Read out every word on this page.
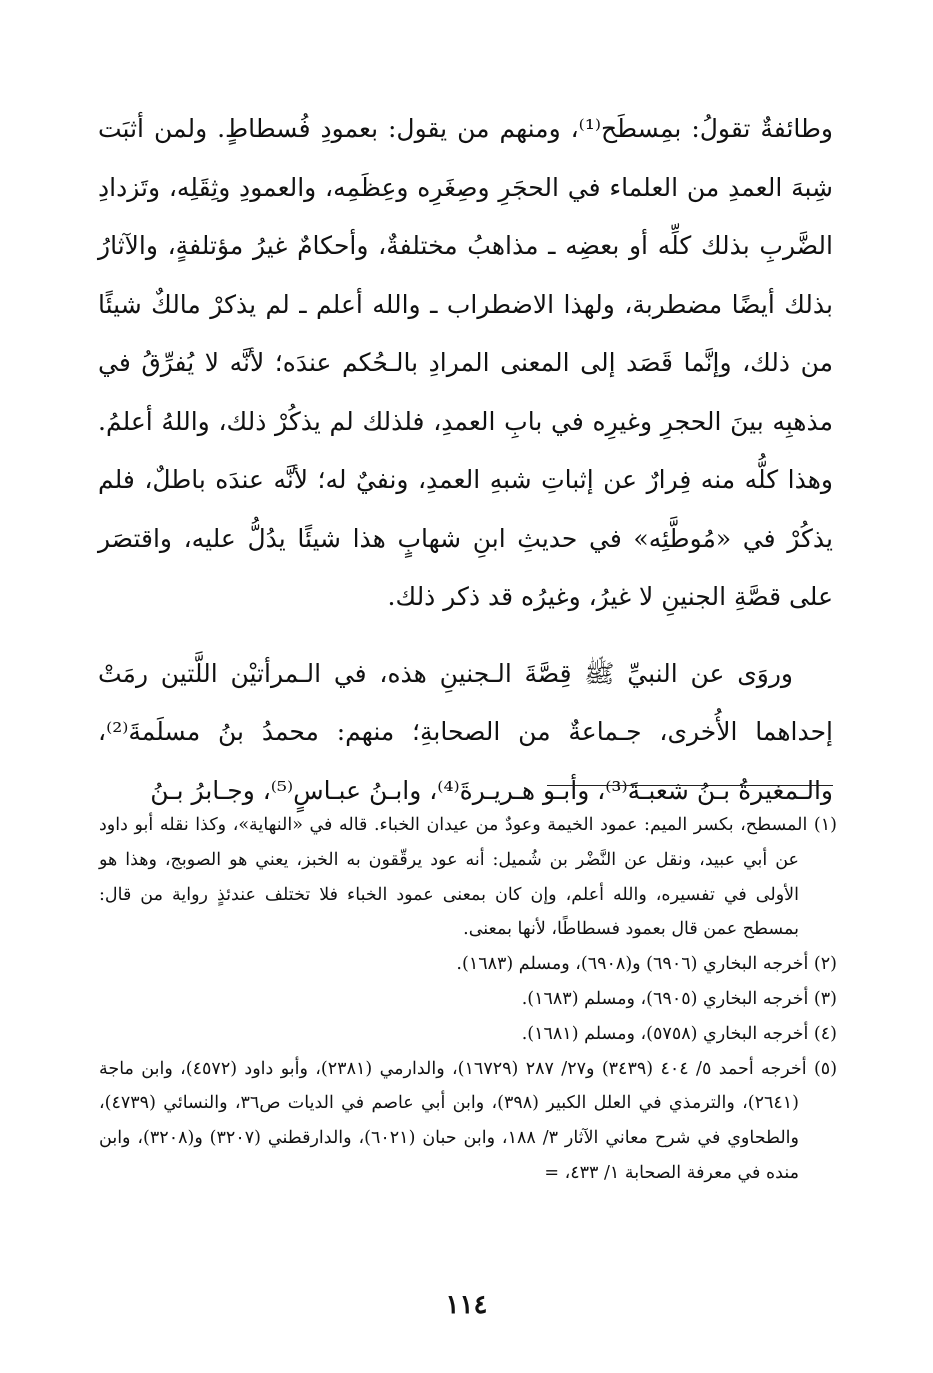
وطائفةٌ تقولُ: بمِسطَح⁽¹⁾، ومنهم من يقول: بعمودِ فُسطاطٍ. ولمن أثبَت شِبهَ العمدِ من العلماء في الحجَرِ وصِغَرِه وعِظَمِه، والعمودِ وثِقَلِه، وتَزدادِ الضَّربِ بذلك كلِّه أو بعضِه ـ مذاهبُ مختلفةٌ، وأحكامٌ غيرُ مؤتلفةٍ، والآثارُ بذلك أيضًا مضطربة، ولهذا الاضطراب ـ والله أعلم ـ لم يذكرْ مالكٌ شيئًا من ذلك، وإنَّما قَصَد إلى المعنى المرادِ بالـحُكم عندَه؛ لأنَّه لا يُفرِّقُ في مذهبِه بينَ الحجرِ وغيرِه في بابِ العمدِ، فلذلك لم يذكُرْ ذلك، واللهُ أعلمُ. وهذا كلُّه منه فِرارٌ عن إثباتِ شبهِ العمدِ، ونفيٌ له؛ لأنَّه عندَه باطلٌ، فلم يذكُرْ في «مُوطَّئِه» في حديثِ ابنِ شهابٍ هذا شيئًا يدُلُّ عليه، واقتصَر على قصَّةِ الجنينِ لا غيرُ، وغيرُه قد ذكر ذلك.

وروَى عن النبيِّ ﷺ قِصَّةَ الـجنينِ هذه، في الـمرأتيْن اللَّتين رمَتْ إحداهما الأُخرى، جـماعةٌ من الصحابةِ؛ منهم: محمدُ بنُ مسلَمةَ⁽²⁾، والـمغيرةُ بـنُ شعبـةَ⁽³⁾، وأبـو هـريـرةَ⁽⁴⁾، وابـنُ عبـاسٍ⁽⁵⁾، وجـابرُ بـنُ

(١) المسطح، بكسر الميم: عمود الخيمة وعودٌ من عيدان الخباء. قاله في «النهاية»، وكذا نقله أبو داود عن أبي عبيد، ونقل عن النَّضْر بن شُميل: أنه عود يرقّقون به الخبز، يعني هو الصوبج، وهذا هو الأولى في تفسيره، والله أعلم، وإن كان بمعنى عمود الخباء فلا تختلف عندئذٍ رواية من قال: بمسطح عمن قال بعمود فسطاطًا، لأنها بمعنى.

(٢) أخرجه البخاري (٦٩٠٦) و(٦٩٠٨)، ومسلم (١٦٨٣).

(٣) أخرجه البخاري (٦٩٠٥)، ومسلم (١٦٨٣).

(٤) أخرجه البخاري (٥٧٥٨)، ومسلم (١٦٨١).

(٥) أخرجه أحمد ٥/ ٤٠٤ (٣٤٣٩) و٢٧/ ٢٨٧ (١٦٧٢٩)، والدارمي (٢٣٨١)، وأبو داود (٤٥٧٢)، وابن ماجة (٢٦٤١)، والترمذي في العلل الكبير (٣٩٨)، وابن أبي عاصم في الديات ص٣٦، والنسائي (٤٧٣٩)، والطحاوي في شرح معاني الآثار ٣/ ١٨٨، وابن حبان (٦٠٢١)، والدارقطني (٣٢٠٧) و(٣٢٠٨)، وابن منده في معرفة الصحابة ١/ ٤٣٣، =

١١٤
